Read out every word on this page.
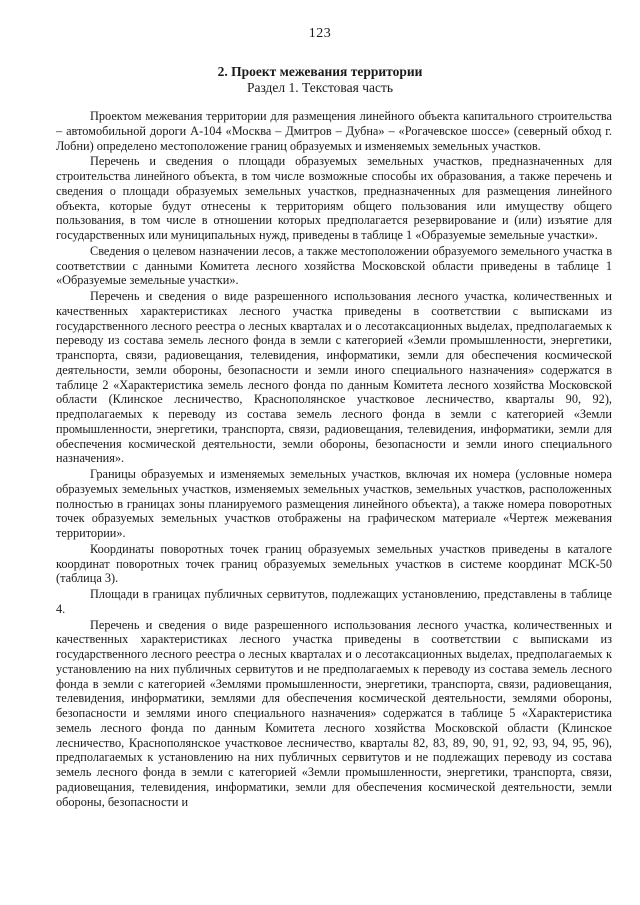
123
2. Проект межевания территории
Раздел 1. Текстовая часть

Проектом межевания территории для размещения линейного объекта капитального строительства – автомобильной дороги А-104 «Москва – Дмитров – Дубна» – «Рогачевское шоссе» (северный обход г. Лобни) определено местоположение границ образуемых и изменяемых земельных участков.

Перечень и сведения о площади образуемых земельных участков, предназначенных для строительства линейного объекта, в том числе возможные способы их образования, а также перечень и сведения о площади образуемых земельных участков, предназначенных для размещения линейного объекта, которые будут отнесены к территориям общего пользования или имуществу общего пользования, в том числе в отношении которых предполагается резервирование и (или) изъятие для государственных или муниципальных нужд, приведены в таблице 1 «Образуемые земельные участки».

Сведения о целевом назначении лесов, а также местоположении образуемого земельного участка в соответствии с данными Комитета лесного хозяйства Московской области приведены в таблице 1 «Образуемые земельные участки».

Перечень и сведения о виде разрешенного использования лесного участка, количественных и качественных характеристиках лесного участка приведены в соответствии с выписками из государственного лесного реестра о лесных кварталах и о лесотаксационных выделах, предполагаемых к переводу из состава земель лесного фонда в земли с категорией «Земли промышленности, энергетики, транспорта, связи, радиовещания, телевидения, информатики, земли для обеспечения космической деятельности, земли обороны, безопасности и земли иного специального назначения» содержатся в таблице 2 «Характеристика земель лесного фонда по данным Комитета лесного хозяйства Московской области (Клинское лесничество, Краснополянское участковое лесничество, кварталы 90, 92), предполагаемых к переводу из состава земель лесного фонда в земли с категорией «Земли промышленности, энергетики, транспорта, связи, радиовещания, телевидения, информатики, земли для обеспечения космической деятельности, земли обороны, безопасности и земли иного специального назначения».

Границы образуемых и изменяемых земельных участков, включая их номера (условные номера образуемых земельных участков, изменяемых земельных участков, земельных участков, расположенных полностью в границах зоны планируемого размещения линейного объекта), а также номера поворотных точек образуемых земельных участков отображены на графическом материале «Чертеж межевания территории».

Координаты поворотных точек границ образуемых земельных участков приведены в каталоге координат поворотных точек границ образуемых земельных участков в системе координат МСК-50 (таблица 3).

Площади в границах публичных сервитутов, подлежащих установлению, представлены в таблице 4.

Перечень и сведения о виде разрешенного использования лесного участка, количественных и качественных характеристиках лесного участка приведены в соответствии с выписками из государственного лесного реестра о лесных кварталах и о лесотаксационных выделах, предполагаемых к установлению на них публичных сервитутов и не предполагаемых к переводу из состава земель лесного фонда в земли с категорией «Землями промышленности, энергетики, транспорта, связи, радиовещания, телевидения, информатики, землями для обеспечения космической деятельности, землями обороны, безопасности и землями иного специального назначения» содержатся в таблице 5 «Характеристика земель лесного фонда по данным Комитета лесного хозяйства Московской области (Клинское лесничество, Краснополянское участковое лесничество, кварталы 82, 83, 89, 90, 91, 92, 93, 94, 95, 96), предполагаемых к установлению на них публичных сервитутов и не подлежащих переводу из состава земель лесного фонда в земли с категорией «Земли промышленности, энергетики, транспорта, связи, радиовещания, телевидения, информатики, земли для обеспечения космической деятельности, земли обороны, безопасности и
